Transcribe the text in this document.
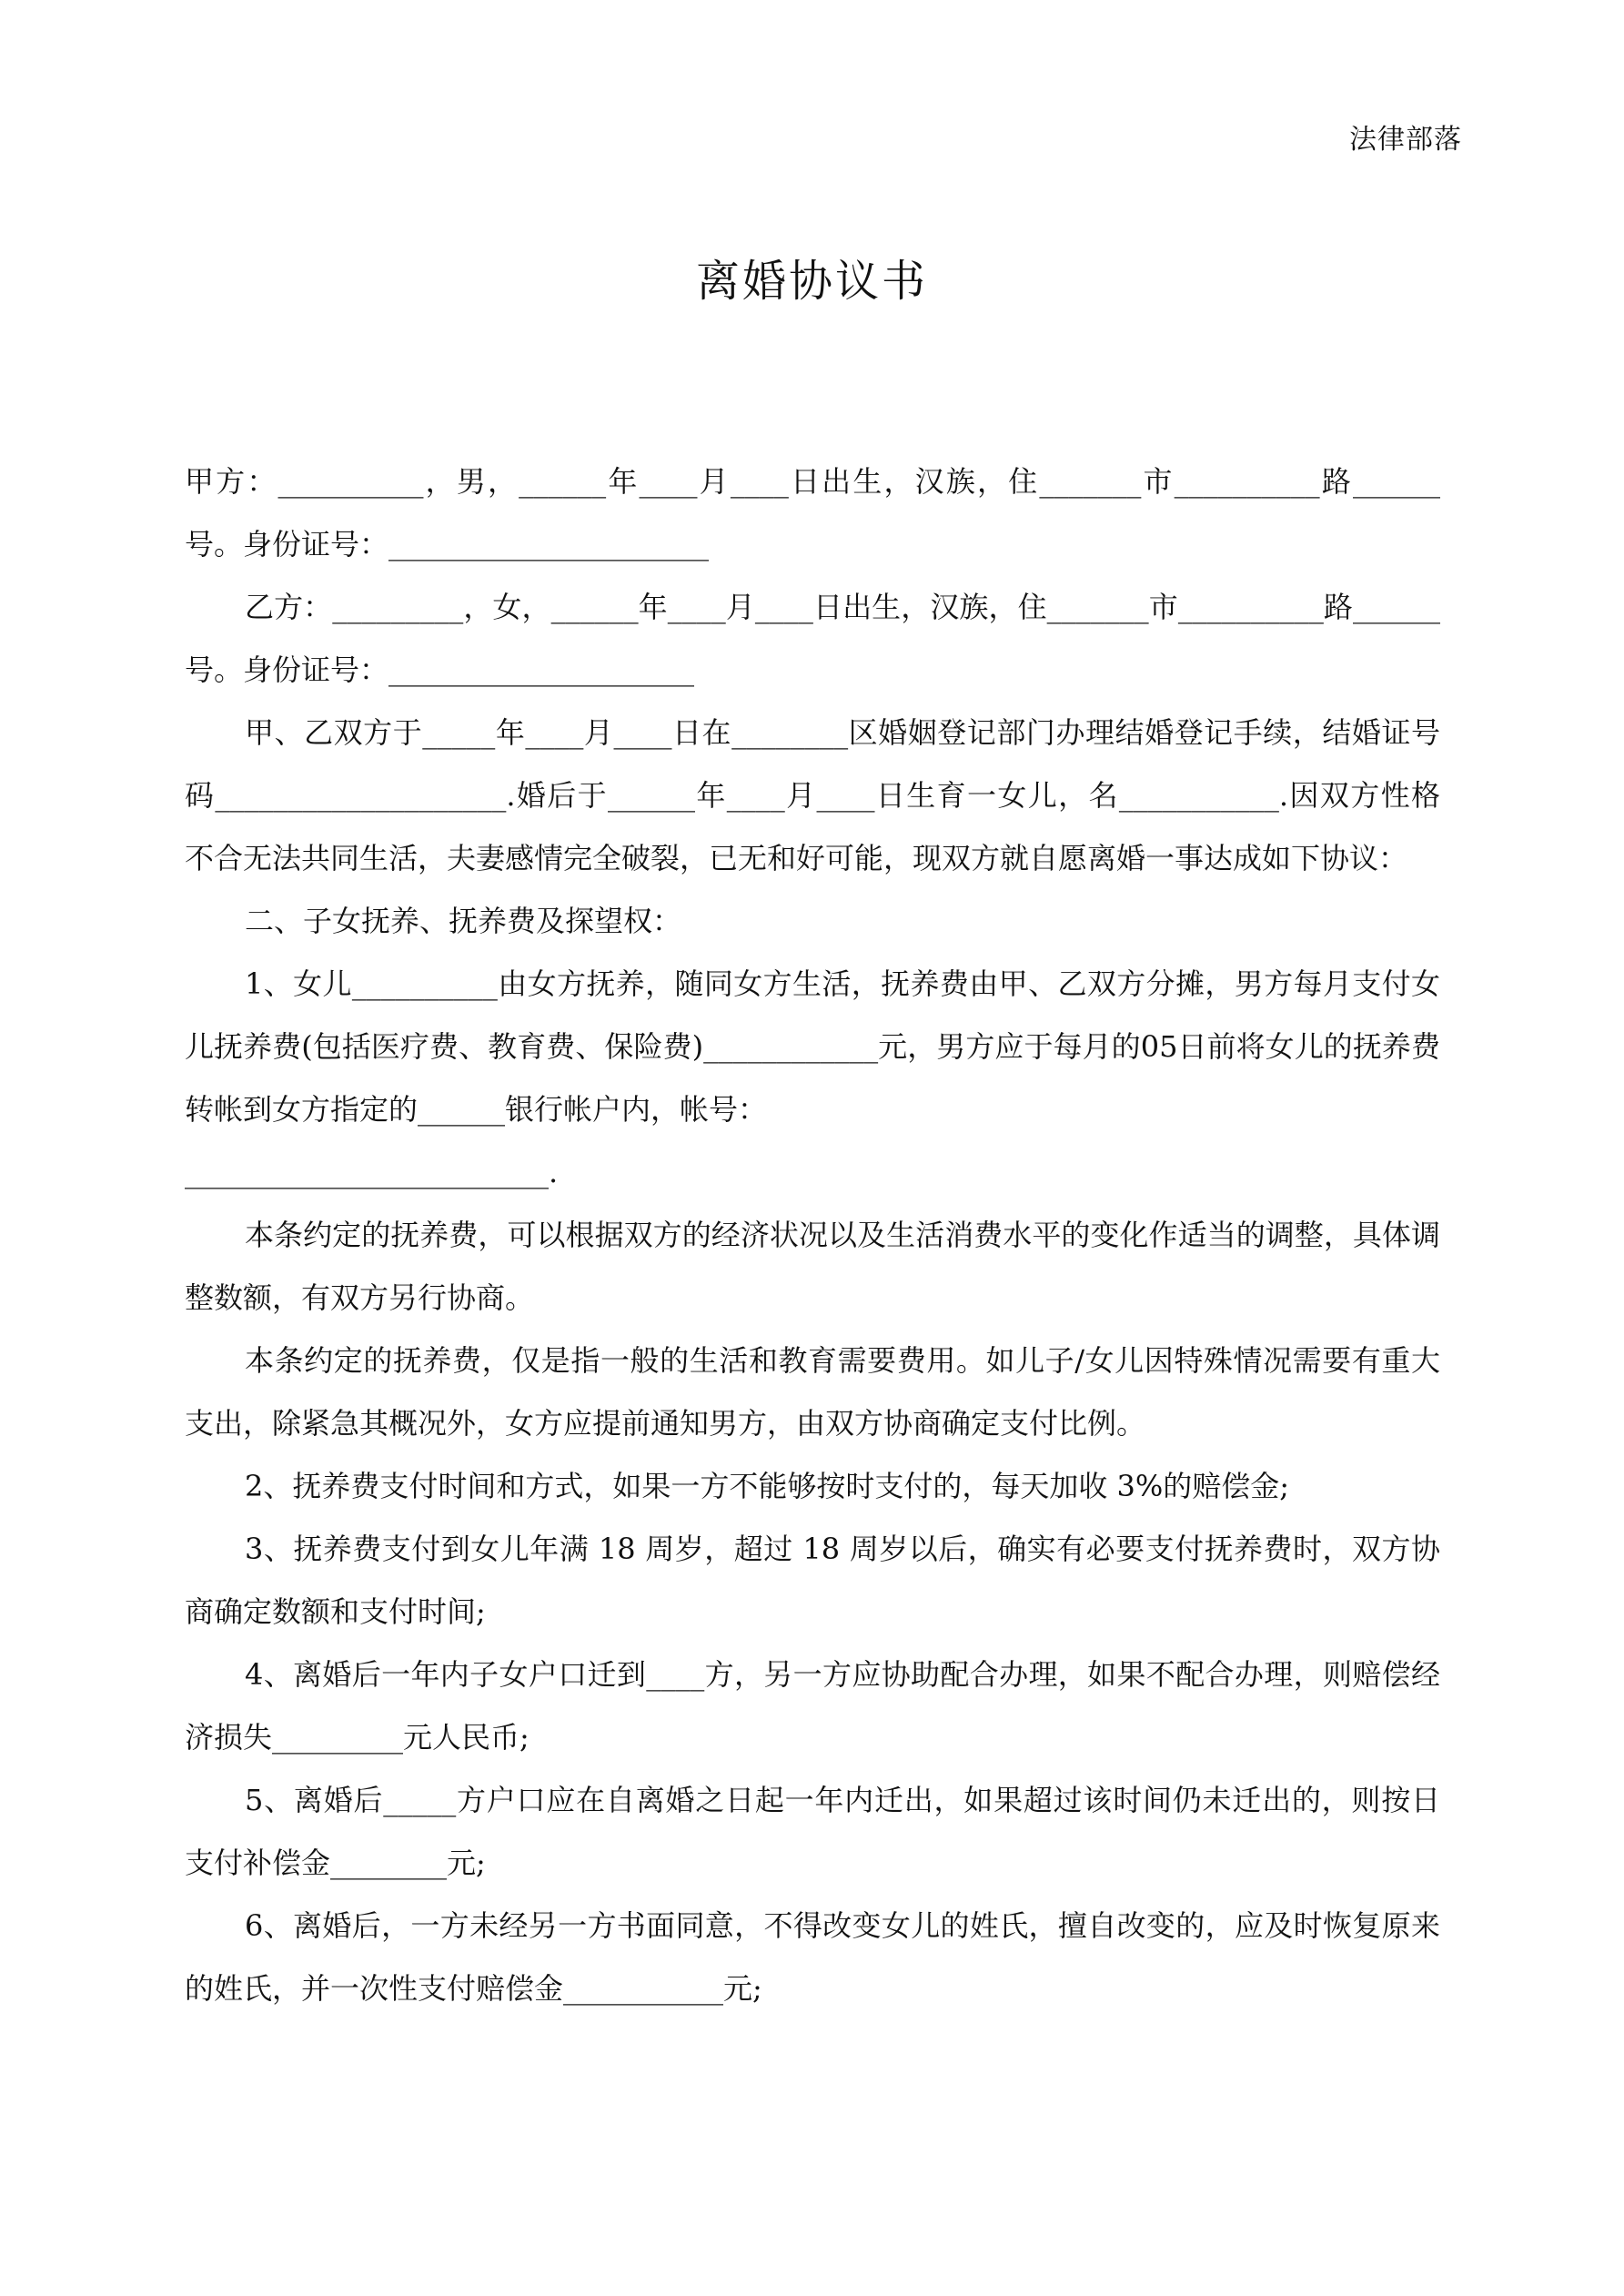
法律部落
离婚协议书

甲方：__________，男，______年____月____日出生，汉族，住_______市__________路______号。身份证号：______________________

乙方：_________，女，______年____月____日出生，汉族，住_______市__________路______号。身份证号：_____________________

甲、乙双方于_____年____月____日在________区婚姻登记部门办理结婚登记手续，结婚证号码____________________.婚后于______年____月____日生育一女儿，名___________.因双方性格不合无法共同生活，夫妻感情完全破裂，已无和好可能，现双方就自愿离婚一事达成如下协议：

二、子女抚养、抚养费及探望权：

1、女儿__________由女方抚养，随同女方生活，抚养费由甲、乙双方分摊，男方每月支付女儿抚养费(包括医疗费、教育费、保险费)____________元，男方应于每月的05日前将女儿的抚养费转帐到女方指定的______银行帐户内，帐号：

_________________________.

本条约定的抚养费，可以根据双方的经济状况以及生活消费水平的变化作适当的调整，具体调整数额，有双方另行协商。

本条约定的抚养费，仅是指一般的生活和教育需要费用。如儿子/女儿因特殊情况需要有重大支出，除紧急其概况外，女方应提前通知男方，由双方协商确定支付比例。

2、抚养费支付时间和方式，如果一方不能够按时支付的，每天加收 3%的赔偿金;

3、抚养费支付到女儿年满 18 周岁，超过 18 周岁以后，确实有必要支付抚养费时，双方协商确定数额和支付时间;

4、离婚后一年内子女户口迁到____方，另一方应协助配合办理，如果不配合办理，则赔偿经济损失_________元人民币;

5、离婚后_____方户口应在自离婚之日起一年内迁出，如果超过该时间仍未迁出的，则按日支付补偿金________元;

6、离婚后，一方未经另一方书面同意，不得改变女儿的姓氏，擅自改变的，应及时恢复原来的姓氏，并一次性支付赔偿金___________元;
